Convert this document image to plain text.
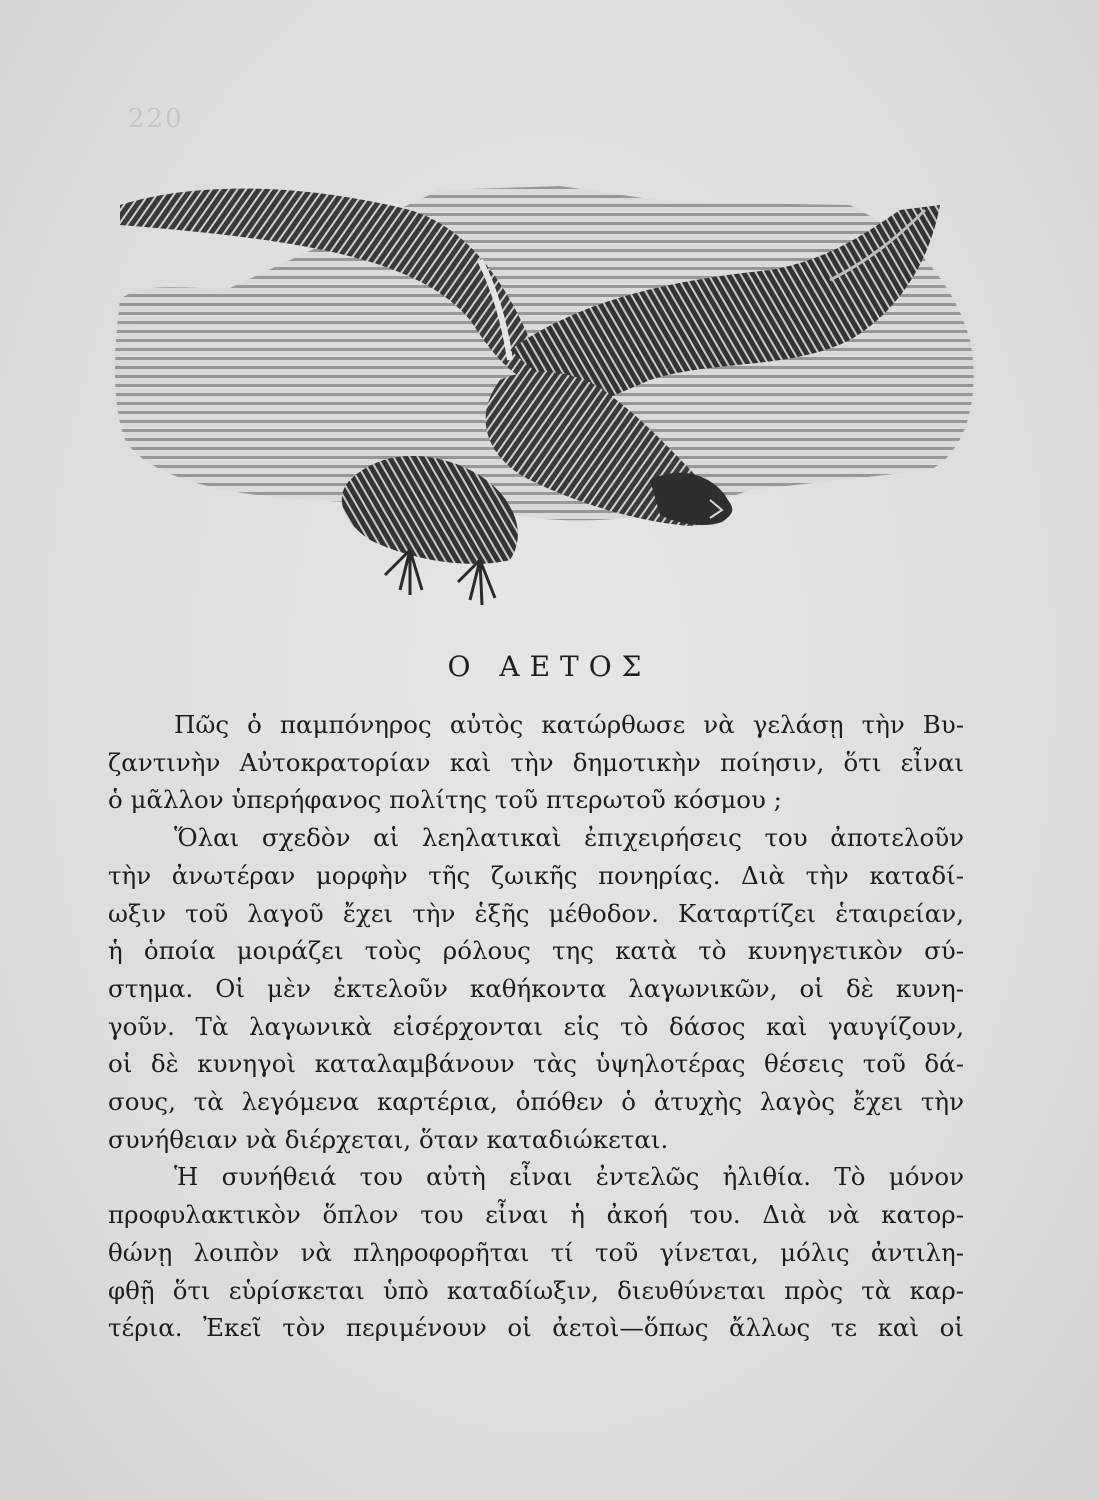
220
Ο ΑΕΤΟΣ
Πῶς ὁ παμπόνηρος αὐτὸς κατώρθωσε νὰ γελάσῃ τὴν Βυ-
ζαντινὴν Αὐτοκρατορίαν καὶ τὴν δημοτικὴν ποίησιν, ὅτι εἶναι
ὁ μᾶλλον ὑπερήφανος πολίτης τοῦ πτερωτοῦ κόσμου ;
Ὅλαι σχεδὸν αἱ λεηλατικαὶ ἐπιχειρήσεις του ἀποτελοῦν
τὴν ἀνωτέραν μορφὴν τῆς ζωικῆς πονηρίας. Διὰ τὴν καταδί-
ωξιν τοῦ λαγοῦ ἔχει τὴν ἑξῆς μέθοδον. Καταρτίζει ἑταιρείαν,
ἡ ὁποία μοιράζει τοὺς ρόλους της κατὰ τὸ κυνηγετικὸν σύ-
στημα. Οἱ μὲν ἐκτελοῦν καθήκοντα λαγωνικῶν, οἱ δὲ κυνη-
γοῦν. Τὰ λαγωνικὰ εἰσέρχονται εἰς τὸ δάσος καὶ γαυγίζουν,
οἱ δὲ κυνηγοὶ καταλαμβάνουν τὰς ὑψηλοτέρας θέσεις τοῦ δά-
σους, τὰ λεγόμενα καρτέρια, ὁπόθεν ὁ ἀτυχὴς λαγὸς ἔχει τὴν
συνήθειαν νὰ διέρχεται, ὅταν καταδιώκεται.
Ἡ συνήθειά του αὐτὴ εἶναι ἐντελῶς ἠλιθία. Τὸ μόνον
προφυλακτικὸν ὅπλον του εἶναι ἡ ἀκοή του. Διὰ νὰ κατορ-
θώνῃ λοιπὸν νὰ πληροφορῆται τί τοῦ γίνεται, μόλις ἀντιλη-
φθῇ ὅτι εὑρίσκεται ὑπὸ καταδίωξιν, διευθύνεται πρὸς τὰ καρ-
τέρια. Ἐκεῖ τὸν περιμένουν οἱ ἀετοὶ—ὅπως ἄλλως τε καὶ οἱ
